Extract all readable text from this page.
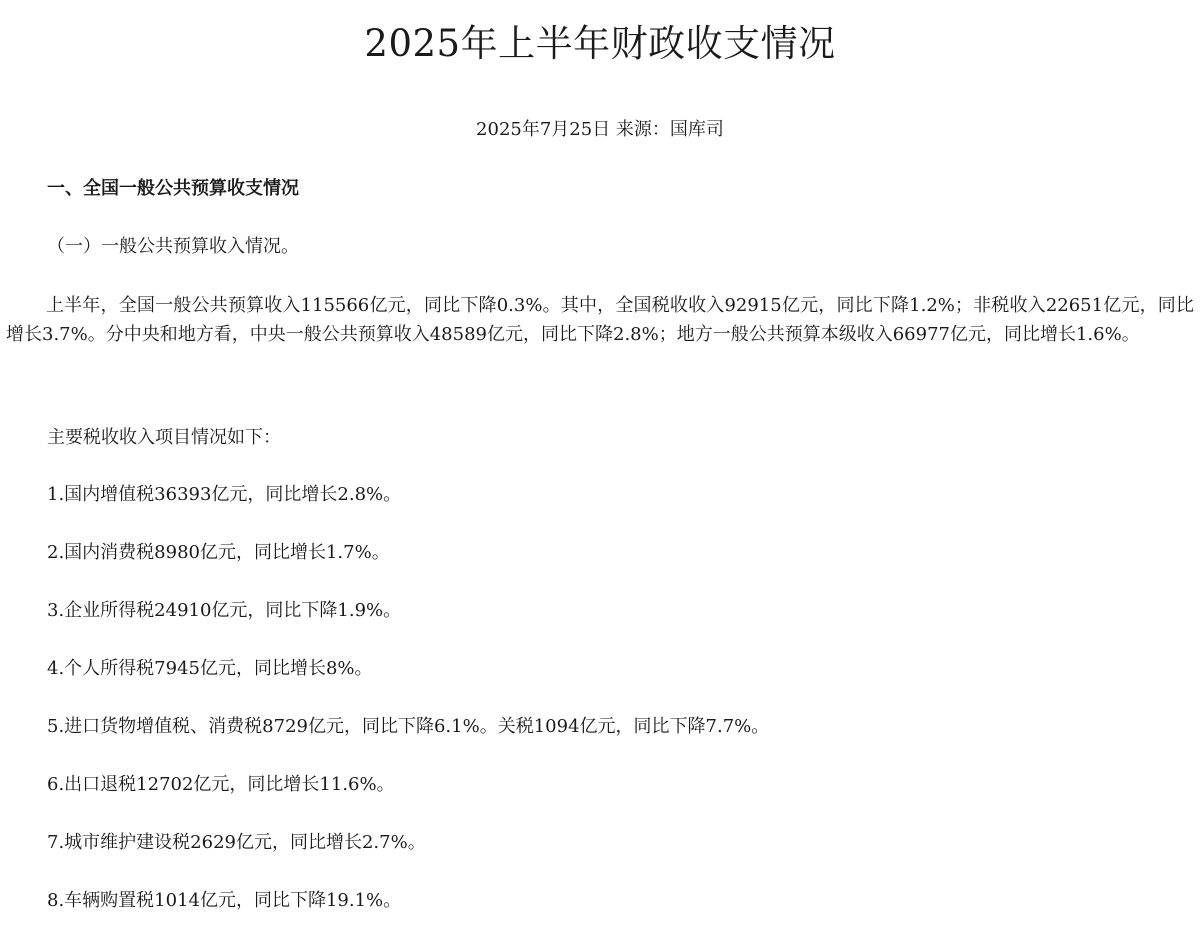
2025年上半年财政收支情况
2025年7月25日 来源：国库司
一、全国一般公共预算收支情况
（一）一般公共预算收入情况。

上半年，全国一般公共预算收入115566亿元，同比下降0.3%。其中，全国税收收入92915亿元，同比下降1.2%；非税收入22651亿元，同比增长3.7%。分中央和地方看，中央一般公共预算收入48589亿元，同比下降2.8%；地方一般公共预算本级收入66977亿元，同比增长1.6%。

主要税收收入项目情况如下：
1.国内增值税36393亿元，同比增长2.8%。
2.国内消费税8980亿元，同比增长1.7%。
3.企业所得税24910亿元，同比下降1.9%。
4.个人所得税7945亿元，同比增长8%。
5.进口货物增值税、消费税8729亿元，同比下降6.1%。关税1094亿元，同比下降7.7%。
6.出口退税12702亿元，同比增长11.6%。
7.城市维护建设税2629亿元，同比增长2.7%。
8.车辆购置税1014亿元，同比下降19.1%。
